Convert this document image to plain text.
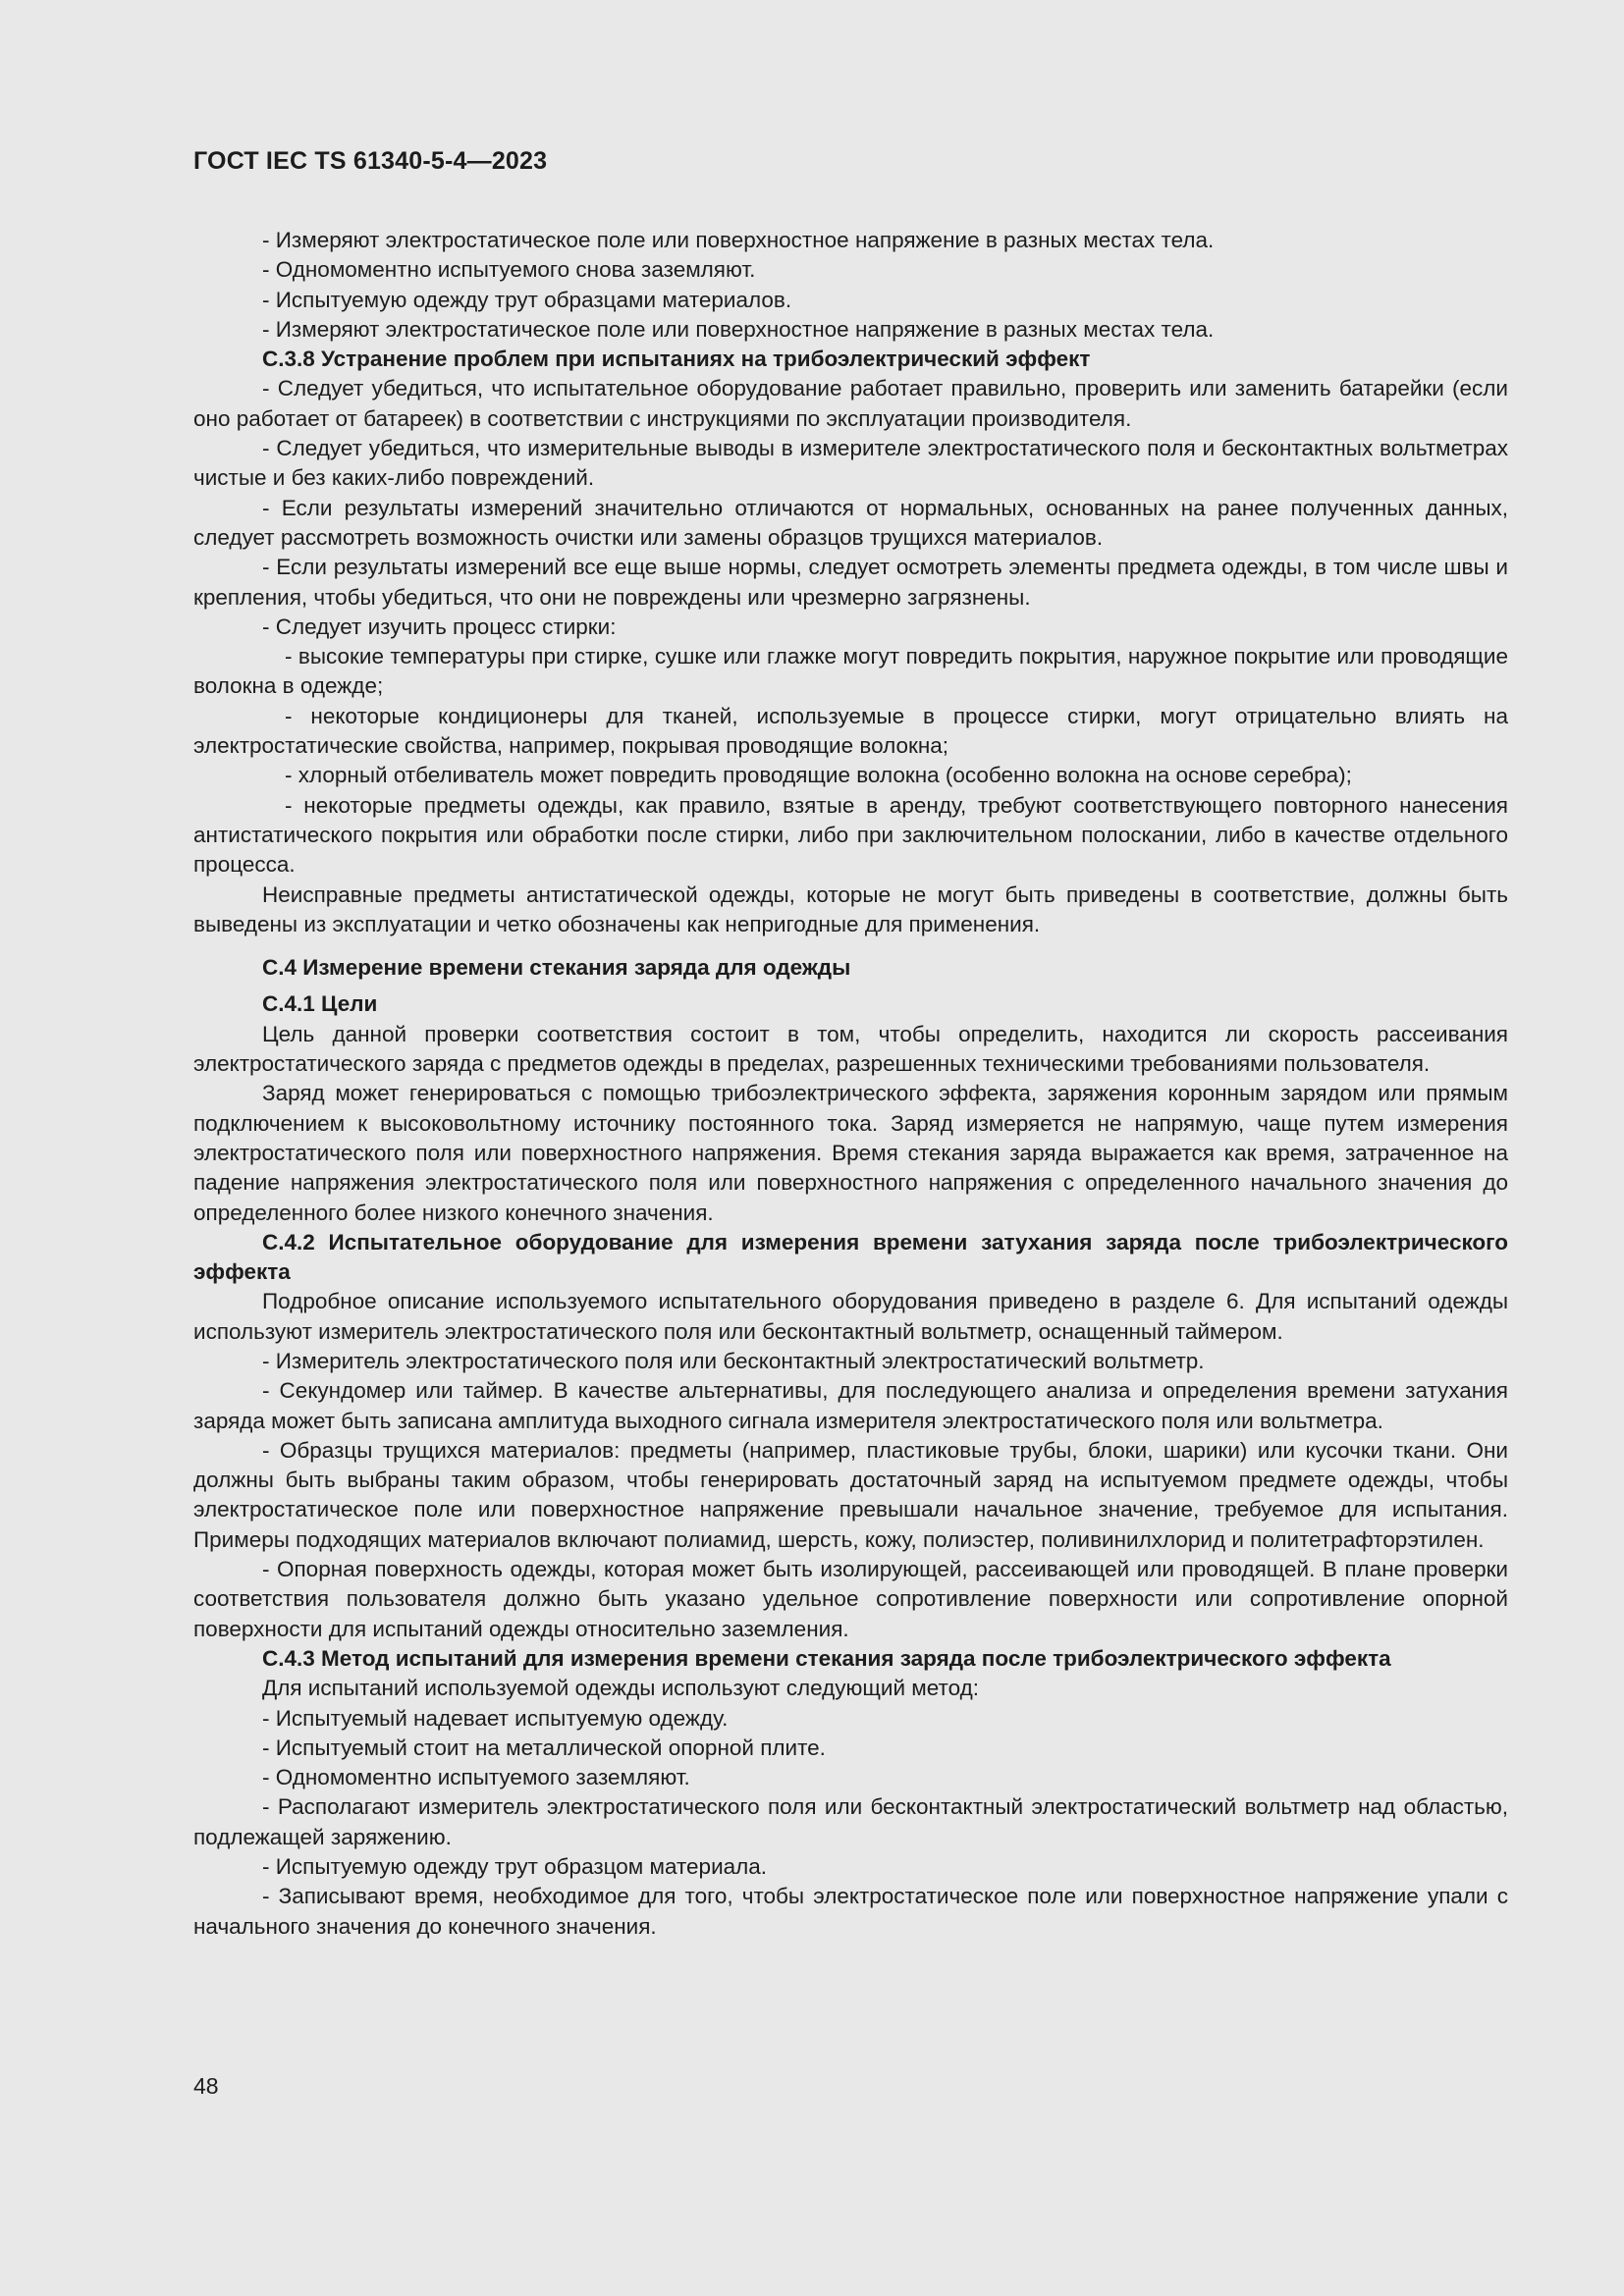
ГОСТ IEC TS 61340-5-4—2023

- Измеряют электростатическое поле или поверхностное напряжение в разных местах тела.

- Одномоментно испытуемого снова заземляют.

- Испытуемую одежду трут образцами материалов.

- Измеряют электростатическое поле или поверхностное напряжение в разных местах тела.

С.3.8 Устранение проблем при испытаниях на трибоэлектрический эффект

- Следует убедиться, что испытательное оборудование работает правильно, проверить или заменить батарейки (если оно работает от батареек) в соответствии с инструкциями по эксплуатации производителя.

- Следует убедиться, что измерительные выводы в измерителе электростатического поля и бесконтактных вольтметрах чистые и без каких-либо повреждений.

- Если результаты измерений значительно отличаются от нормальных, основанных на ранее полученных данных, следует рассмотреть возможность очистки или замены образцов трущихся материалов.

- Если результаты измерений все еще выше нормы, следует осмотреть элементы предмета одежды, в том числе швы и крепления, чтобы убедиться, что они не повреждены или чрезмерно загрязнены.

- Следует изучить процесс стирки:

- высокие температуры при стирке, сушке или глажке могут повредить покрытия, наружное покрытие или проводящие волокна в одежде;

- некоторые кондиционеры для тканей, используемые в процессе стирки, могут отрицательно влиять на электростатические свойства, например, покрывая проводящие волокна;

- хлорный отбеливатель может повредить проводящие волокна (особенно волокна на основе серебра);

- некоторые предметы одежды, как правило, взятые в аренду, требуют соответствующего повторного нанесения антистатического покрытия или обработки после стирки, либо при заключительном полоскании, либо в качестве отдельного процесса.

Неисправные предметы антистатической одежды, которые не могут быть приведены в соответствие, должны быть выведены из эксплуатации и четко обозначены как непригодные для применения.

С.4 Измерение времени стекания заряда для одежды
С.4.1 Цели

Цель данной проверки соответствия состоит в том, чтобы определить, находится ли скорость рассеивания электростатического заряда с предметов одежды в пределах, разрешенных техническими требованиями пользователя.

Заряд может генерироваться с помощью трибоэлектрического эффекта, заряжения коронным зарядом или прямым подключением к высоковольтному источнику постоянного тока. Заряд измеряется не напрямую, чаще путем измерения электростатического поля или поверхностного напряжения. Время стекания заряда выражается как время, затраченное на падение напряжения электростатического поля или поверхностного напряжения с определенного начального значения до определенного более низкого конечного значения.

С.4.2 Испытательное оборудование для измерения времени затухания заряда после трибоэлектрического эффекта

Подробное описание используемого испытательного оборудования приведено в разделе 6. Для испытаний одежды используют измеритель электростатического поля или бесконтактный вольтметр, оснащенный таймером.

- Измеритель электростатического поля или бесконтактный электростатический вольтметр.

- Секундомер или таймер. В качестве альтернативы, для последующего анализа и определения времени затухания заряда может быть записана амплитуда выходного сигнала измерителя электростатического поля или вольтметра.

- Образцы трущихся материалов: предметы (например, пластиковые трубы, блоки, шарики) или кусочки ткани. Они должны быть выбраны таким образом, чтобы генерировать достаточный заряд на испытуемом предмете одежды, чтобы электростатическое поле или поверхностное напряжение превышали начальное значение, требуемое для испытания. Примеры подходящих материалов включают полиамид, шерсть, кожу, полиэстер, поливинилхлорид и политетрафторэтилен.

- Опорная поверхность одежды, которая может быть изолирующей, рассеивающей или проводящей. В плане проверки соответствия пользователя должно быть указано удельное сопротивление поверхности или сопротивление опорной поверхности для испытаний одежды относительно заземления.

С.4.3 Метод испытаний для измерения времени стекания заряда после трибоэлектрического эффекта

Для испытаний используемой одежды используют следующий метод:

- Испытуемый надевает испытуемую одежду.

- Испытуемый стоит на металлической опорной плите.

- Одномоментно испытуемого заземляют.

- Располагают измеритель электростатического поля или бесконтактный электростатический вольтметр над областью, подлежащей заряжению.

- Испытуемую одежду трут образцом материала.

- Записывают время, необходимое для того, чтобы электростатическое поле или поверхностное напряжение упали с начального значения до конечного значения.

48
